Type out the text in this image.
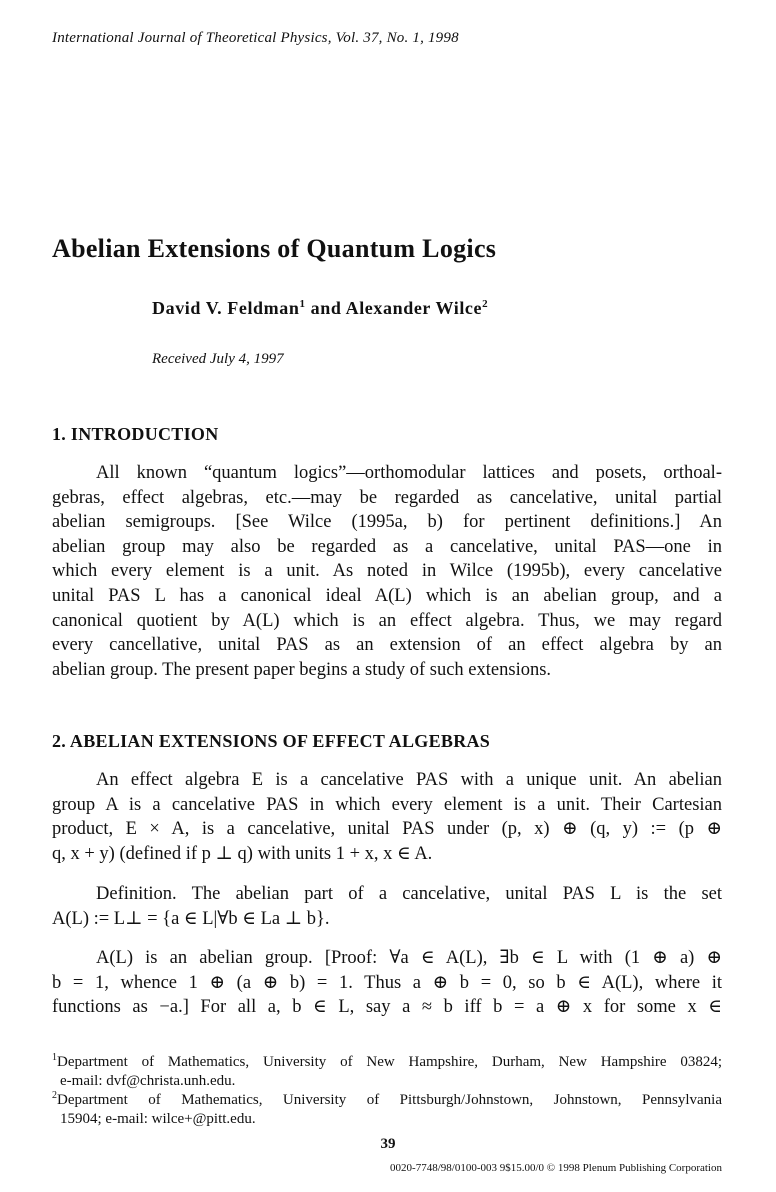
International Journal of Theoretical Physics, Vol. 37, No. 1, 1998
Abelian Extensions of Quantum Logics
David V. Feldman$^1$ and Alexander Wilce$^2$
Received July 4, 1997
1. INTRODUCTION
All known “quantum logics”—orthomodular lattices and posets, orthoal-
gebras, effect algebras, etc.—may be regarded as cancelative, unital partial
abelian semigroups. [See Wilce (1995a, b) for pertinent definitions.] An
abelian group may also be regarded as a cancelative, unital PAS—one in
which every element is a unit. As noted in Wilce (1995b), every cancelative
unital PAS L has a canonical ideal A(L) which is an abelian group, and a
canonical quotient by A(L) which is an effect algebra. Thus, we may regard
every cancellative, unital PAS as an extension of an effect algebra by an
abelian group. The present paper begins a study of such extensions.
2. ABELIAN EXTENSIONS OF EFFECT ALGEBRAS
An effect algebra E is a cancelative PAS with a unique unit. An abelian
group A is a cancelative PAS in which every element is a unit. Their Cartesian
product, E × A, is a cancelative, unital PAS under (p, x) ⊕ (q, y) := (p ⊕
q, x + y) (defined if p ⊥ q) with units 1 + x, x ∈ A.
Definition. The abelian part of a cancelative, unital PAS L is the set
A(L) := L⊥ = {a ∈ L|∀b ∈ La ⊥ b}.
A(L) is an abelian group. [Proof: ∀a ∈ A(L), ∃b ∈ L with (1 ⊕ a) ⊕
b = 1, whence 1 ⊕ (a ⊕ b) = 1. Thus a ⊕ b = 0, so b ∈ A(L), where it
functions as −a.] For all a, b ∈ L, say a ≈ b iff b = a ⊕ x for some x ∈
$^1$Department of Mathematics, University of New Hampshire, Durham, New Hampshire 03824;
e-mail: dvf@christa.unh.edu.
$^2$Department of Mathematics, University of Pittsburgh/Johnstown, Johnstown, Pennsylvania
15904; e-mail: wilce+@pitt.edu.
39
0020-7748/98/0100-003 9$15.00/0 © 1998 Plenum Publishing Corporation
